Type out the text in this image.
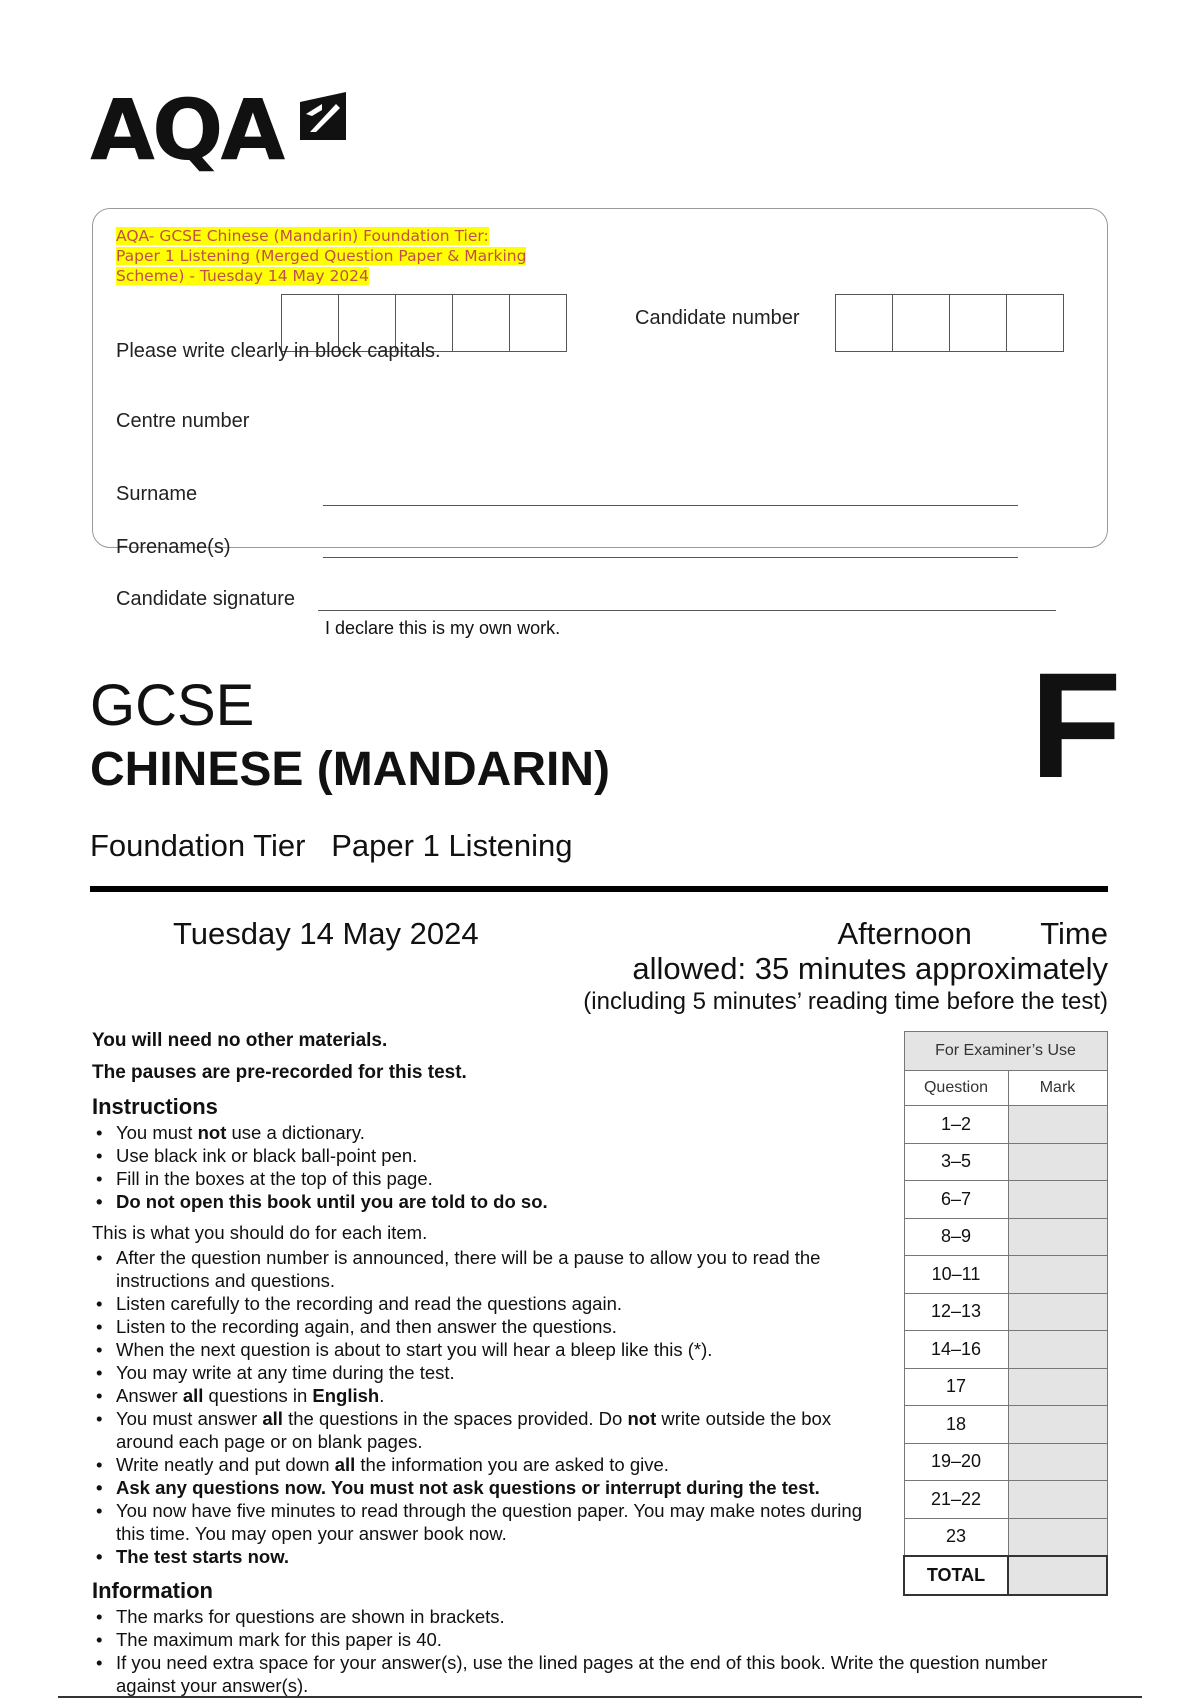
AQA
AQA- GCSE Chinese (Mandarin) Foundation Tier:
Paper 1 Listening (Merged Question Paper & Marking
Scheme) - Tuesday 14 May 2024
Candidate number
Please write clearly in block capitals.
Centre number
Surname
Forename(s)
Candidate signature
I declare this is my own work.
GCSE
CHINESE (MANDARIN)
Foundation Tier   Paper 1 Listening
F
Tuesday 14 May 2024	Afternoon        Time
allowed: 35 minutes approximately
(including 5 minutes’ reading time before the test)
You will need no other materials.
The pauses are pre-recorded for this test.
Instructions
• You must not use a dictionary.
• Use black ink or black ball-point pen.
• Fill in the boxes at the top of this page.
• Do not open this book until you are told to do so.
This is what you should do for each item.
• After the question number is announced, there will be a pause to allow you to read the instructions and questions.
• Listen carefully to the recording and read the questions again.
• Listen to the recording again, and then answer the questions.
• When the next question is about to start you will hear a bleep like this (*).
• You may write at any time during the test.
• Answer all questions in English.
• You must answer all the questions in the spaces provided. Do not write outside the box around each page or on blank pages.
• Write neatly and put down all the information you are asked to give.
• Ask any questions now. You must not ask questions or interrupt during the test.
• You now have five minutes to read through the question paper. You may make notes during this time. You may open your answer book now.
• The test starts now.
Information
• The marks for questions are shown in brackets.
• The maximum mark for this paper is 40.
• If you need extra space for your answer(s), use the lined pages at the end of this book. Write the question number against your answer(s).
For Examiner’s Use	
Question	Mark
1–2	
3–5	
6–7	
8–9	
10–11	
12–13	
14–16	
17	
18	
19–20	
21–22	
23	
TOTAL	
